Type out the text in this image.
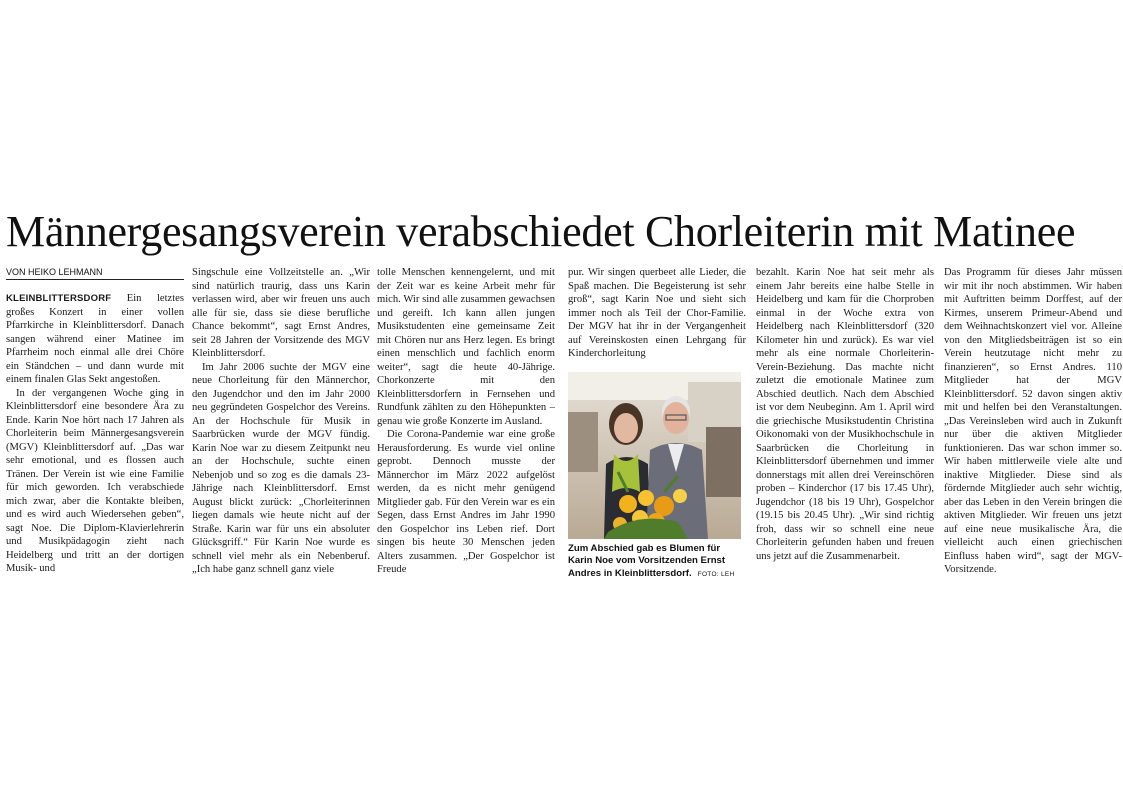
Männergesangsverein verabschiedet Chorleiterin mit Matinee
VON HEIKO LEHMANN

KLEINBLITTERSDORF Ein letztes großes Konzert in einer vollen Pfarrkirche in Kleinblittersdorf. Danach sangen während einer Matinee im Pfarrheim noch einmal alle drei Chöre ein Ständchen – und dann wurde mit einem finalen Glas Sekt angestoßen.

In der vergangenen Woche ging in Kleinblittersdorf eine besondere Ära zu Ende. Karin Noe hört nach 17 Jahren als Chorleiterin beim Männergesangsverein (MGV) Kleinblittersdorf auf. „Das war sehr emotional, und es flossen auch Tränen. Der Verein ist wie eine Familie für mich geworden. Ich verabschiede mich zwar, aber die Kontakte bleiben, und es wird auch Wiedersehen geben“, sagt Noe. Die Diplom-Klavierlehrerin und Musikpädagogin zieht nach Heidelberg und tritt an der dortigen Musik- und

Singschule eine Vollzeitstelle an. „Wir sind natürlich traurig, dass uns Karin verlassen wird, aber wir freuen uns auch alle für sie, dass sie diese berufliche Chance bekommt“, sagt Ernst Andres, seit 28 Jahren der Vorsitzende des MGV Kleinblittersdorf.

Im Jahr 2006 suchte der MGV eine neue Chorleitung für den Männerchor, den Jugendchor und den im Jahr 2000 neu gegründeten Gospelchor des Vereins. An der Hochschule für Musik in Saarbrücken wurde der MGV fündig. Karin Noe war zu diesem Zeitpunkt neu an der Hochschule, suchte einen Nebenjob und so zog es die damals 23-Jährige nach Kleinblittersdorf. Ernst August blickt zurück: „Chorleiterinnen liegen damals wie heute nicht auf der Straße. Karin war für uns ein absoluter Glücksgriff.“ Für Karin Noe wurde es schnell viel mehr als ein Nebenberuf. „Ich habe ganz schnell ganz viele

tolle Menschen kennengelernt, und mit der Zeit war es keine Arbeit mehr für mich. Wir sind alle zusammen gewachsen und gereift. Ich kann allen jungen Musikstudenten eine gemeinsame Zeit mit Chören nur ans Herz legen. Es bringt einen menschlich und fachlich enorm weiter“, sagt die heute 40-Jährige. Chorkonzerte mit den Kleinblittersdorfern in Fernsehen und Rundfunk zählten zu den Höhepunkten – genau wie große Konzerte im Ausland.

Die Corona-Pandemie war eine große Herausforderung. Es wurde viel online geprobt. Dennoch musste der Männerchor im März 2022 aufgelöst werden, da es nicht mehr genügend Mitglieder gab. Für den Verein war es ein Segen, dass Ernst Andres im Jahr 1990 den Gospelchor ins Leben rief. Dort singen bis heute 30 Menschen jeden Alters zusammen. „Der Gospelchor ist Freude

pur. Wir singen querbeet alle Lieder, die Spaß machen. Die Begeisterung ist sehr groß“, sagt Karin Noe und sieht sich immer noch als Teil der Chor-Familie. Der MGV hat ihr in der Vergangenheit auf Vereinskosten einen Lehrgang für Kinderchorleitung

Zum Abschied gab es Blumen für Karin Noe vom Vorsitzenden Ernst Andres in Kleinblittersdorf. FOTO: LEH

bezahlt. Karin Noe hat seit mehr als einem Jahr bereits eine halbe Stelle in Heidelberg und kam für die Chorproben einmal in der Woche extra von Heidelberg nach Kleinblittersdorf (320 Kilometer hin und zurück). Es war viel mehr als eine normale Chorleiterin-Verein-Beziehung. Das machte nicht zuletzt die emotionale Matinee zum Abschied deutlich. Nach dem Abschied ist vor dem Neubeginn. Am 1. April wird die griechische Musikstudentin Christina Oikonomaki von der Musikhochschule in Saarbrücken die Chorleitung in Kleinblittersdorf übernehmen und immer donnerstags mit allen drei Vereinschören proben – Kinderchor (17 bis 17.45 Uhr), Jugendchor (18 bis 19 Uhr), Gospelchor (19.15 bis 20.45 Uhr). „Wir sind richtig froh, dass wir so schnell eine neue Chorleiterin gefunden haben und freuen uns jetzt auf die Zusammenarbeit.

Das Programm für dieses Jahr müssen wir mit ihr noch abstimmen. Wir haben mit Auftritten beimm Dorffest, auf der Kirmes, unserem Primeur-Abend und dem Weihnachtskonzert viel vor. Alleine von den Mitgliedsbeiträgen ist so ein Verein heutzutage nicht mehr zu finanzieren“, so Ernst Andres. 110 Mitglieder hat der MGV Kleinblittersdorf. 52 davon singen aktiv mit und helfen bei den Veranstaltungen. „Das Vereinsleben wird auch in Zukunft nur über die aktiven Mitglieder funktionieren. Das war schon immer so. Wir haben mittlerweile viele alte und inaktive Mitglieder. Diese sind als fördernde Mitglieder auch sehr wichtig, aber das Leben in den Verein bringen die aktiven Mitglieder. Wir freuen uns jetzt auf eine neue musikalische Ära, die vielleicht auch einen griechischen Einfluss haben wird“, sagt der MGV-Vorsitzende.
